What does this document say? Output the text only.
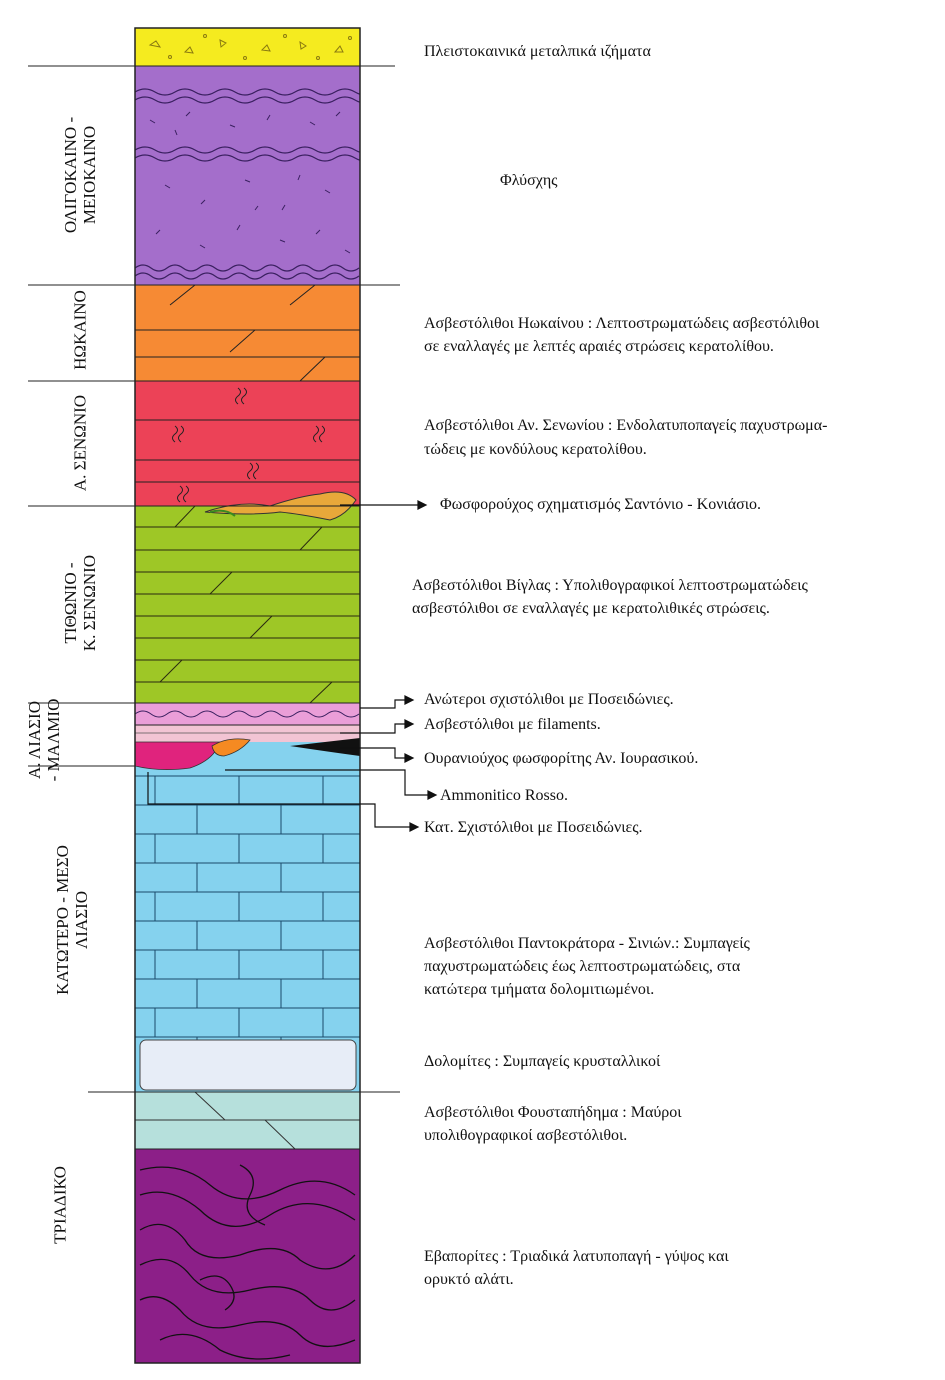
ΟΛΙΓΟΚΑΙΝΟ -
ΜΕΙΟΚΑΙΝΟ
ΗΩΚΑΙΝΟ
Α. ΣΕΝΩΝΙΟ
ΤΙΘΩΝΙΟ -
Κ. ΣΕΝΩΝΙΟ
Α. ΛΙΑΣΙΟ
- ΜΑΛΜΙΟ
ΚΑΤΩΤΕΡΟ - ΜΕΣΟ
ΛΙΑΣΙΟ
ΤΡΙΑΔΙΚΟ
Πλειστοκαινικά μεταλπικά ιζήματα
Φλύσχης
Ασβεστόλιθοι Ηωκαίνου : Λεπτοστρωματώδεις ασβεστόλιθοι
σε εναλλαγές με λεπτές αραιές στρώσεις κερατολίθου.
Ασβεστόλιθοι Αν. Σενωνίου : Ενδολατυποπαγείς παχυστρωμα-
τώδεις με κονδύλους κερατολίθου.
Φωσφορούχος σχηματισμός Σαντόνιο - Κονιάσιο.
Ασβεστόλιθοι Βίγλας : Υπολιθογραφικοί λεπτοστρωματώδεις
ασβεστόλιθοι σε εναλλαγές με κερατολιθικές στρώσεις.
Ανώτεροι σχιστόλιθοι με Ποσειδώνιες.
Ασβεστόλιθοι με filaments.
Ουρανιούχος φωσφορίτης Αν. Ιουρασικού.
Ammonitico Rosso.
Κατ. Σχιστόλιθοι με Ποσειδώνιες.
Ασβεστόλιθοι Παντοκράτορα - Σινιών.: Συμπαγείς
παχυστρωματώδεις έως λεπτοστρωματώδεις, στα
κατώτερα τμήματα δολομιτιωμένοι.
Δολομίτες : Συμπαγείς κρυσταλλικοί
Ασβεστόλιθοι Φουσταπήδημα : Μαύροι
υπολιθογραφικοί ασβεστόλιθοι.
Εβαπορίτες : Τριαδικά λατυποπαγή - γύψος και
ορυκτό αλάτι.
